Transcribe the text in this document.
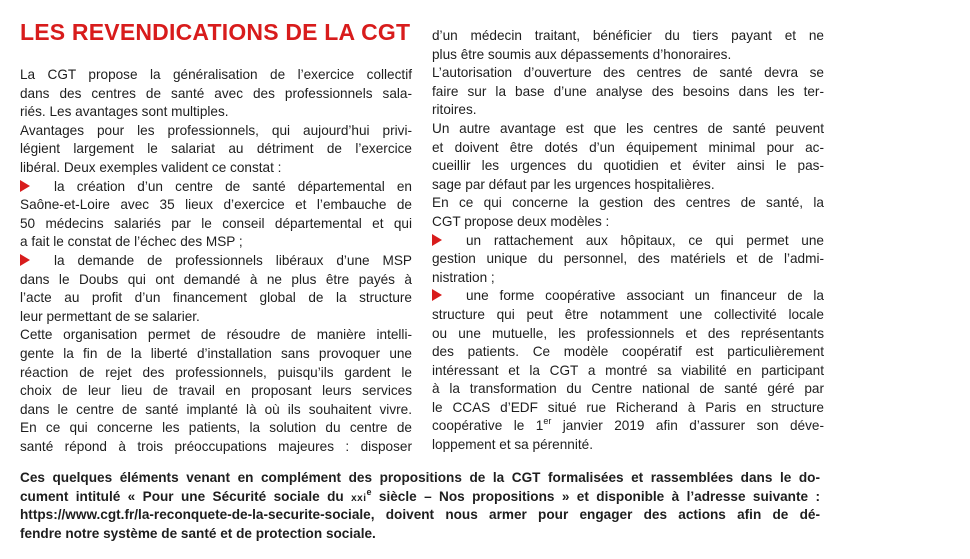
LES REVENDICATIONS DE LA CGT
La CGT propose la généralisation de l’exercice collectif
dans des centres de santé avec des professionnels sala-
riés. Les avantages sont multiples.
Avantages pour les professionnels, qui aujourd’hui privi-
légient largement le salariat au détriment de l’exercice
libéral. Deux exemples valident ce constat :
la création d’un centre de santé départemental en
Saône-et-Loire avec 35 lieux d’exercice et l’embauche de
50 médecins salariés par le conseil départemental et qui
a fait le constat de l’échec des MSP ;
la demande de professionnels libéraux d’une MSP
dans le Doubs qui ont demandé à ne plus être payés à
l’acte au profit d’un financement global de la structure
leur permettant de se salarier.
Cette organisation permet de résoudre de manière intelli-
gente la fin de la liberté d’installation sans provoquer une
réaction de rejet des professionnels, puisqu’ils gardent le
choix de leur lieu de travail en proposant leurs services
dans le centre de santé implanté là où ils souhaitent vivre.
En ce qui concerne les patients, la solution du centre de
santé répond à trois préoccupations majeures : disposer
d’un médecin traitant, bénéficier du tiers payant et ne
plus être soumis aux dépassements d’honoraires.
L’autorisation d’ouverture des centres de santé devra se
faire sur la base d’une analyse des besoins dans les ter-
ritoires.
Un autre avantage est que les centres de santé peuvent
et doivent être dotés d’un équipement minimal pour ac-
cueillir les urgences du quotidien et éviter ainsi le pas-
sage par défaut par les urgences hospitalières.
En ce qui concerne la gestion des centres de santé, la
CGT propose deux modèles :
un rattachement aux hôpitaux, ce qui permet une
gestion unique du personnel, des matériels et de l’admi-
nistration ;
une forme coopérative associant un financeur de la
structure qui peut être notamment une collectivité locale
ou une mutuelle, les professionnels et des représentants
des patients. Ce modèle coopératif est particulièrement
intéressant et la CGT a montré sa viabilité en participant
à la transformation du Centre national de santé géré par
le CCAS d’EDF situé rue Richerand à Paris en structure
coopérative le 1er janvier 2019 afin d’assurer son déve-
loppement et sa pérennité.
Ces quelques éléments venant en complément des propositions de la CGT formalisées et rassemblées dans le do-
cument intitulé « Pour une Sécurité sociale du xxi$^e$ siècle – Nos propositions » et disponible à l’adresse suivante :
https://www.cgt.fr/la-reconquete-de-la-securite-sociale, doivent nous armer pour engager des actions afin de dé-
fendre notre système de santé et de protection sociale.
